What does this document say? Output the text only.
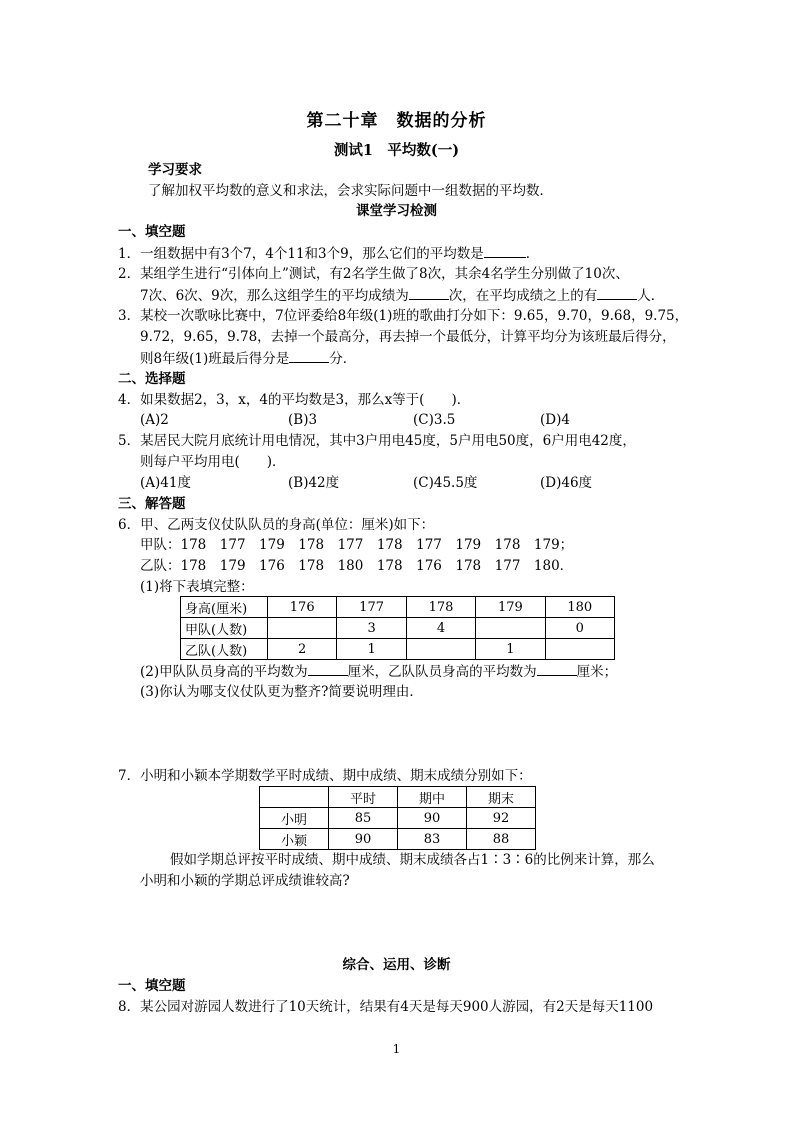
第二十章　数据的分析
测试1　平均数(一)
学习要求
了解加权平均数的意义和求法，会求实际问题中一组数据的平均数．
课堂学习检测
一、填空题
1．一组数据中有3个7，4个11和3个9，那么它们的平均数是	．
2．某组学生进行“引体向上”测试，有2名学生做了8次，其余4名学生分别做了10次、
7次、6次、9次，那么这组学生的平均成绩为	次，在平均成绩之上的有	人．
3．某校一次歌咏比赛中，7位评委给8年级(1)班的歌曲打分如下：9.65，9.70，9.68，9.75，
9.72，9.65，9.78，去掉一个最高分，再去掉一个最低分，计算平均分为该班最后得分，
则8年级(1)班最后得分是	分．
二、选择题
4．如果数据2，3，x，4的平均数是3，那么x等于(　　)．
(A)2	(B)3	(C)3.5	(D)4
5．某居民大院月底统计用电情况，其中3户用电45度，5户用电50度，6户用电42度，
则每户平均用电(　　)．
(A)41度	(B)42度	(C)45.5度	(D)46度
三、解答题
6．甲、乙两支仪仗队队员的身高(单位：厘米)如下：
甲队：178　177　179　178　177　178　177　179　178　179；
乙队：178　179　176　178　180　178　176　178　177　180．
(1)将下表填完整：
身高(厘米)	176	177	178	179	180
甲队(人数)		3	4		0
乙队(人数)	2	1		1	
(2)甲队队员身高的平均数为	厘米，乙队队员身高的平均数为	厘米；
(3)你认为哪支仪仗队更为整齐?简要说明理由．
7．小明和小颖本学期数学平时成绩、期中成绩、期末成绩分别如下：
	平时	期中	期末
小明	85	90	92
小颖	90	83	88
假如学期总评按平时成绩、期中成绩、期末成绩各占1∶3∶6的比例来计算，那么
小明和小颖的学期总评成绩谁较高?
综合、运用、诊断
一、填空题
8．某公园对游园人数进行了10天统计，结果有4天是每天900人游园，有2天是每天1100
1
